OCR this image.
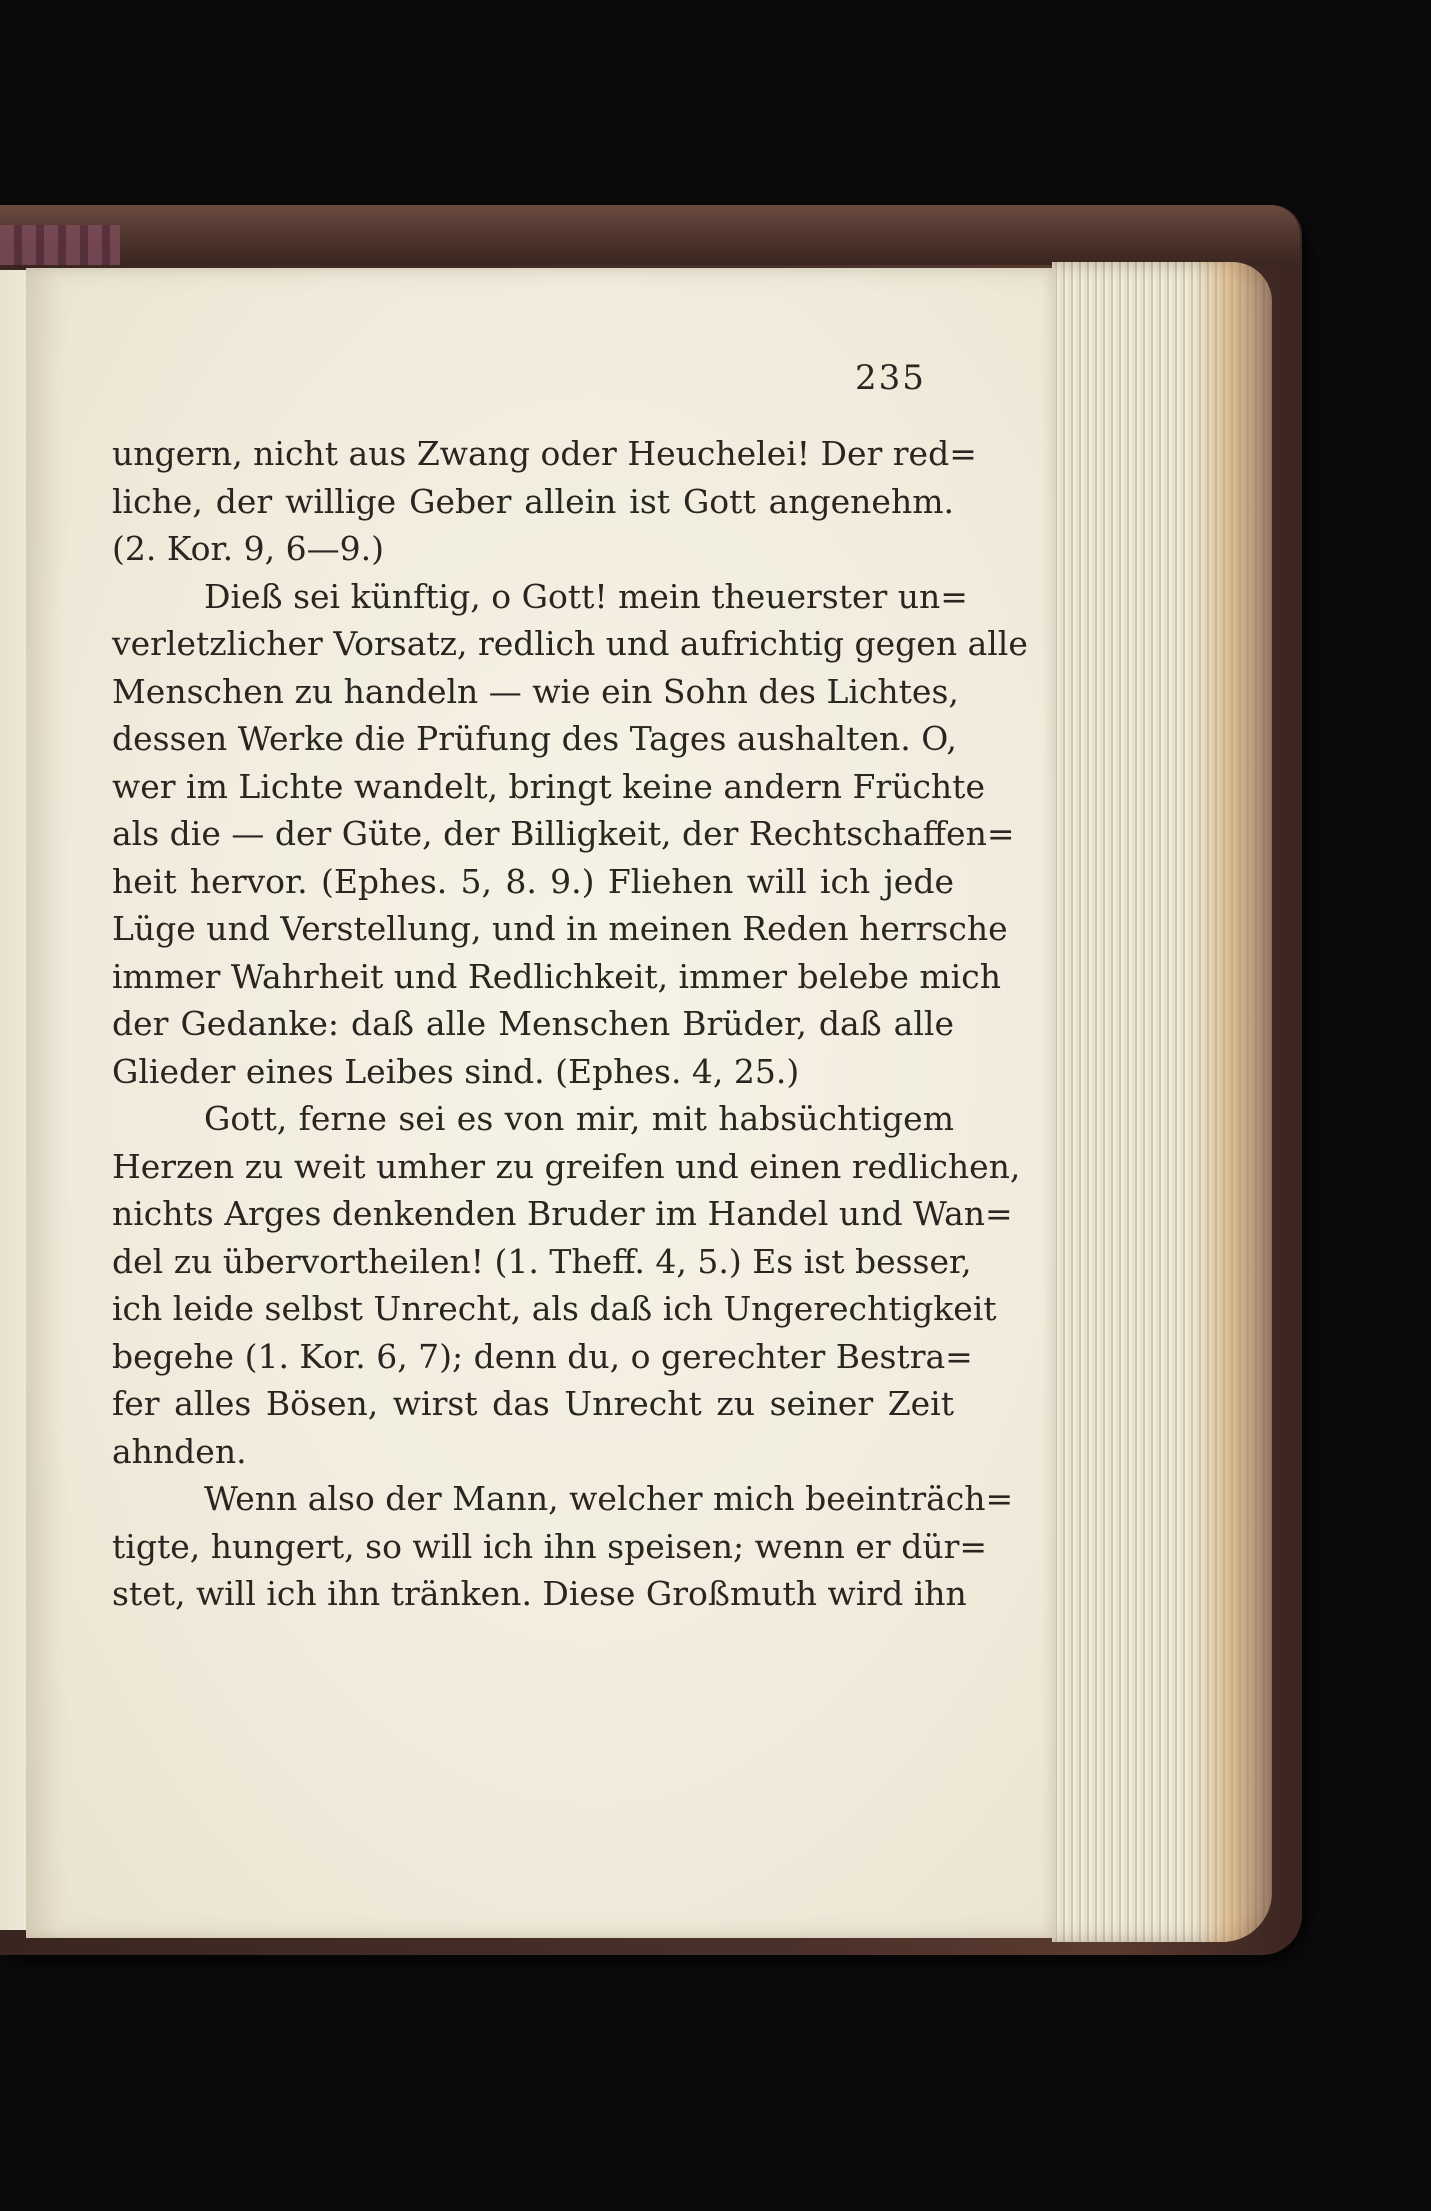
235
ungern, nicht aus Zwang oder Heuchelei! Der red=
liche, der willige Geber allein ist Gott angenehm.
(2. Kor. 9, 6—9.)
Dieß sei künftig, o Gott! mein theuerster un=
verletzlicher Vorsatz, redlich und aufrichtig gegen alle
Menschen zu handeln — wie ein Sohn des Lichtes,
dessen Werke die Prüfung des Tages aushalten. O,
wer im Lichte wandelt, bringt keine andern Früchte
als die — der Güte, der Billigkeit, der Rechtschaffen=
heit hervor. (Ephes. 5, 8. 9.) Fliehen will ich jede
Lüge und Verstellung, und in meinen Reden herrsche
immer Wahrheit und Redlichkeit, immer belebe mich
der Gedanke: daß alle Menschen Brüder, daß alle
Glieder eines Leibes sind. (Ephes. 4, 25.)
Gott, ferne sei es von mir, mit habsüchtigem
Herzen zu weit umher zu greifen und einen redlichen,
nichts Arges denkenden Bruder im Handel und Wan=
del zu übervortheilen! (1. Theff. 4, 5.) Es ist besser,
ich leide selbst Unrecht, als daß ich Ungerechtigkeit
begehe (1. Kor. 6, 7); denn du, o gerechter Bestra=
fer alles Bösen, wirst das Unrecht zu seiner Zeit
ahnden.
Wenn also der Mann, welcher mich beeinträch=
tigte, hungert, so will ich ihn speisen; wenn er dür=
stet, will ich ihn tränken. Diese Großmuth wird ihn
